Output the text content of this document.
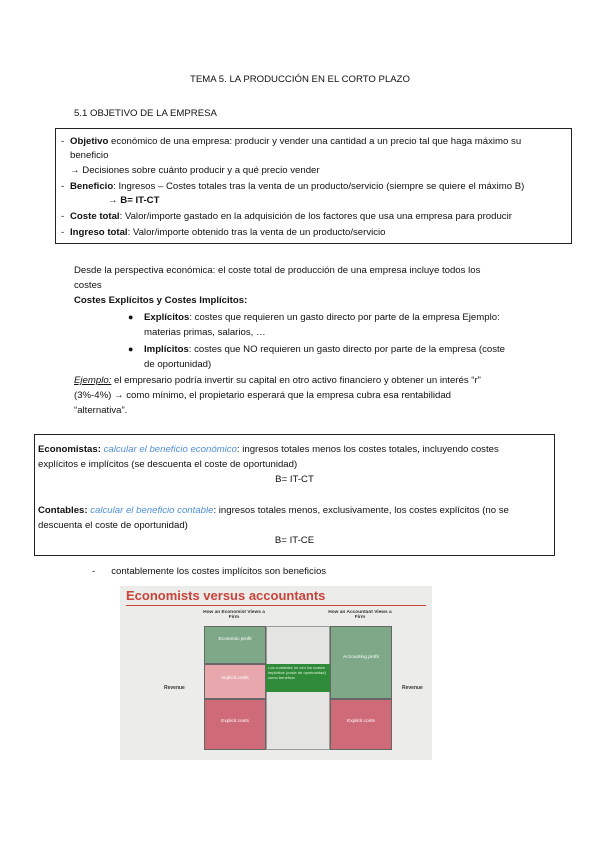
TEMA 5. LA PRODUCCIÓN EN EL CORTO PLAZO
5.1 OBJETIVO DE LA EMPRESA
- Objetivo económico de una empresa: producir y vender una cantidad a un precio tal que haga máximo su
beneficio
→ Decisiones sobre cuánto producir y a qué precio vender
- Beneficio: Ingresos – Costes totales tras la venta de un producto/servicio (siempre se quiere el máximo B)
→ B= IT-CT
- Coste total: Valor/importe gastado en la adquisición de los factores que usa una empresa para producir
- Ingreso total: Valor/importe obtenido tras la venta de un producto/servicio
Desde la perspectiva económica: el coste total de producción de una empresa incluye todos los
costes
Costes Explícitos y Costes Implícitos:
● Explícitos: costes que requieren un gasto directo por parte de la empresa Ejemplo:
materias primas, salarios, …
● Implícitos: costes que NO requieren un gasto directo por parte de la empresa (coste
de oportunidad)
Ejemplo: el empresario podría invertir su capital en otro activo financiero y obtener un interés “r”
(3%-4%) → como mínimo, el propietario esperará que la empresa cubra esa rentabilidad
“alternativa”.
Economistas: calcular el beneficio económico: ingresos totales menos los costes totales, incluyendo costes
explícitos e implícitos (se descuenta el coste de oportunidad)
B= IT-CT
Contables: calcular el beneficio contable: ingresos totales menos, exclusivamente, los costes explícitos (no se
descuenta el coste de oportunidad)
B= IT-CE
- contablemente los costes implícitos son beneficios
Economists versus accountants
How an Economist Views a Firm
How an Accountant Views a Firm
Economic profit
Implicit costs
Explicit costs
Accounting profit
Explicit costs
Los contables no ven los costes implícitos (coste de oportunidad) como beneficio
Revenue	Revenue
